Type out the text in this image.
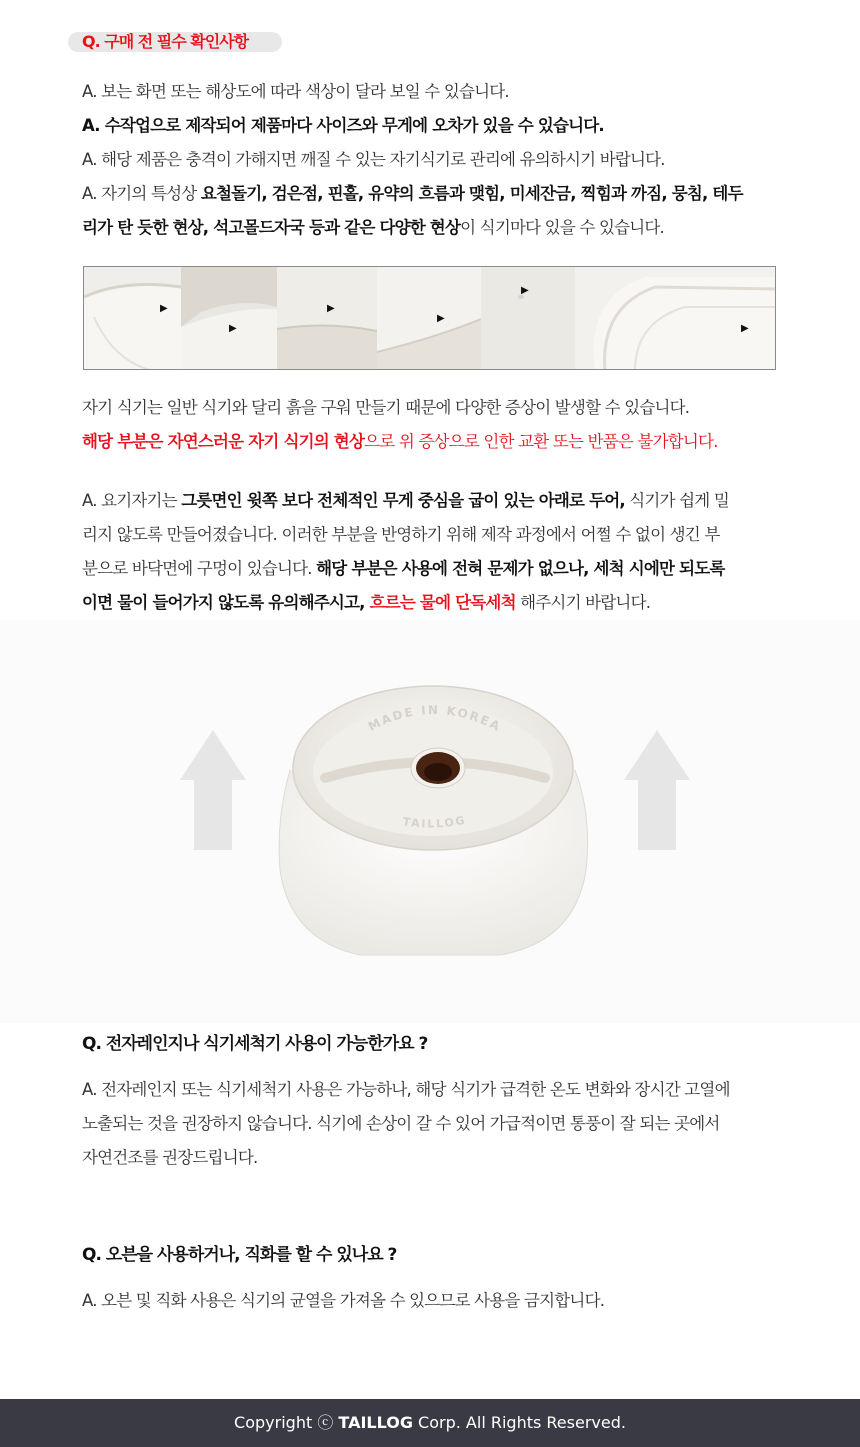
Q. 구매 전 필수 확인사항

A. 보는 화면 또는 해상도에 따라 색상이 달라 보일 수 있습니다.

A. 수작업으로 제작되어 제품마다 사이즈와 무게에 오차가 있을 수 있습니다.

A. 해당 제품은 충격이 가해지면 깨질 수 있는 자기식기로 관리에 유의하시기 바랍니다.

A. 자기의 특성상 요철돌기, 검은점, 핀홀, 유약의 흐름과 맺힘, 미세잔금, 찍힘과 까짐, 뭉침, 테두

리가 탄 듯한 현상, 석고몰드자국 등과 같은 다양한 현상이 식기마다 있을 수 있습니다.

▶
▶
▶
▶
▶
▶

자기 식기는 일반 식기와 달리 흙을 구워 만들기 때문에 다양한 증상이 발생할 수 있습니다.

해당 부분은 자연스러운 자기 식기의 현상으로 위 증상으로 인한 교환 또는 반품은 불가합니다.

A. 요기자기는 그릇면인 윗쪽 보다 전체적인 무게 중심을 굽이 있는 아래로 두어, 식기가 쉽게 밀

리지 않도록 만들어졌습니다. 이러한 부분을 반영하기 위해 제작 과정에서 어쩔 수 없이 생긴 부

분으로 바닥면에 구멍이 있습니다. 해당 부분은 사용에 전혀 문제가 없으나, 세척 시에만 되도록

이면 물이 들어가지 않도록 유의해주시고, 흐르는 물에 단독세척 해주시기 바랍니다.

MADE IN KOREA
TAILLOG

Q. 전자레인지나 식기세척기 사용이 가능한가요 ?

A. 전자레인지 또는 식기세척기 사용은 가능하나, 해당 식기가 급격한 온도 변화와 장시간 고열에

노출되는 것을 권장하지 않습니다. 식기에 손상이 갈 수 있어 가급적이면 통풍이 잘 되는 곳에서

자연건조를 권장드립니다.

Q. 오븐을 사용하거나, 직화를 할 수 있나요 ?

A. 오븐 및 직화 사용은 식기의 균열을 가져올 수 있으므로 사용을 금지합니다.

Copyright ⓒ TAILLOG Corp. All Rights Reserved.
